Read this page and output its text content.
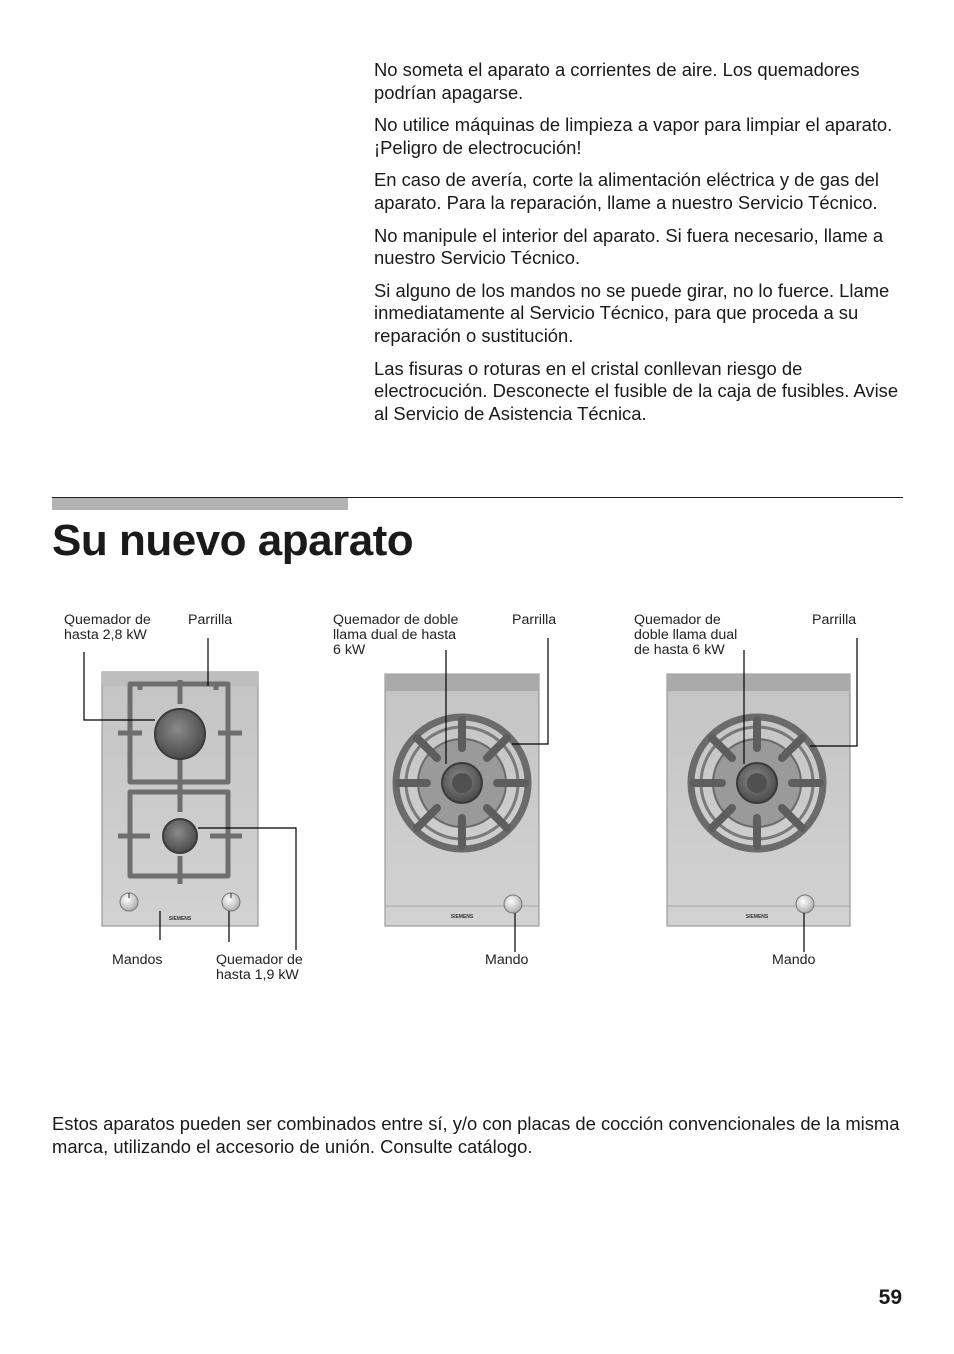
No someta el aparato a corrientes de aire. Los quemadores podrían apagarse.

No utilice máquinas de limpieza a vapor para limpiar el aparato. ¡Peligro de electrocución!

En caso de avería, corte la alimentación eléctrica y de gas del aparato. Para la reparación, llame a nuestro Servicio Técnico.

No manipule el interior del aparato. Si fuera necesario, llame a nuestro Servicio Técnico.

Si alguno de los mandos no se puede girar, no lo fuerce. Llame inmediatamente al Servicio Técnico, para que proceda a su reparación o sustitución.

Las fisuras o roturas en el cristal conllevan riesgo de electrocución. Desconecte el fusible de la caja de fusibles. Avise al Servicio de Asistencia Técnica.

Su nuevo aparato
SIEMENS	SIEMENS	SIEMENS
Quemador de hasta 2,8 kW
Parrilla
Mandos	Quemador de hasta 1,9 kW
Quemador de doble llama dual de hasta 6 kW
Parrilla
Mando
Quemador de doble llama dual de hasta 6 kW
Parrilla
Mando

Estos aparatos pueden ser combinados entre sí, y/o con placas de cocción convencionales de la misma marca, utilizando el accesorio de unión. Consulte catálogo.

59
